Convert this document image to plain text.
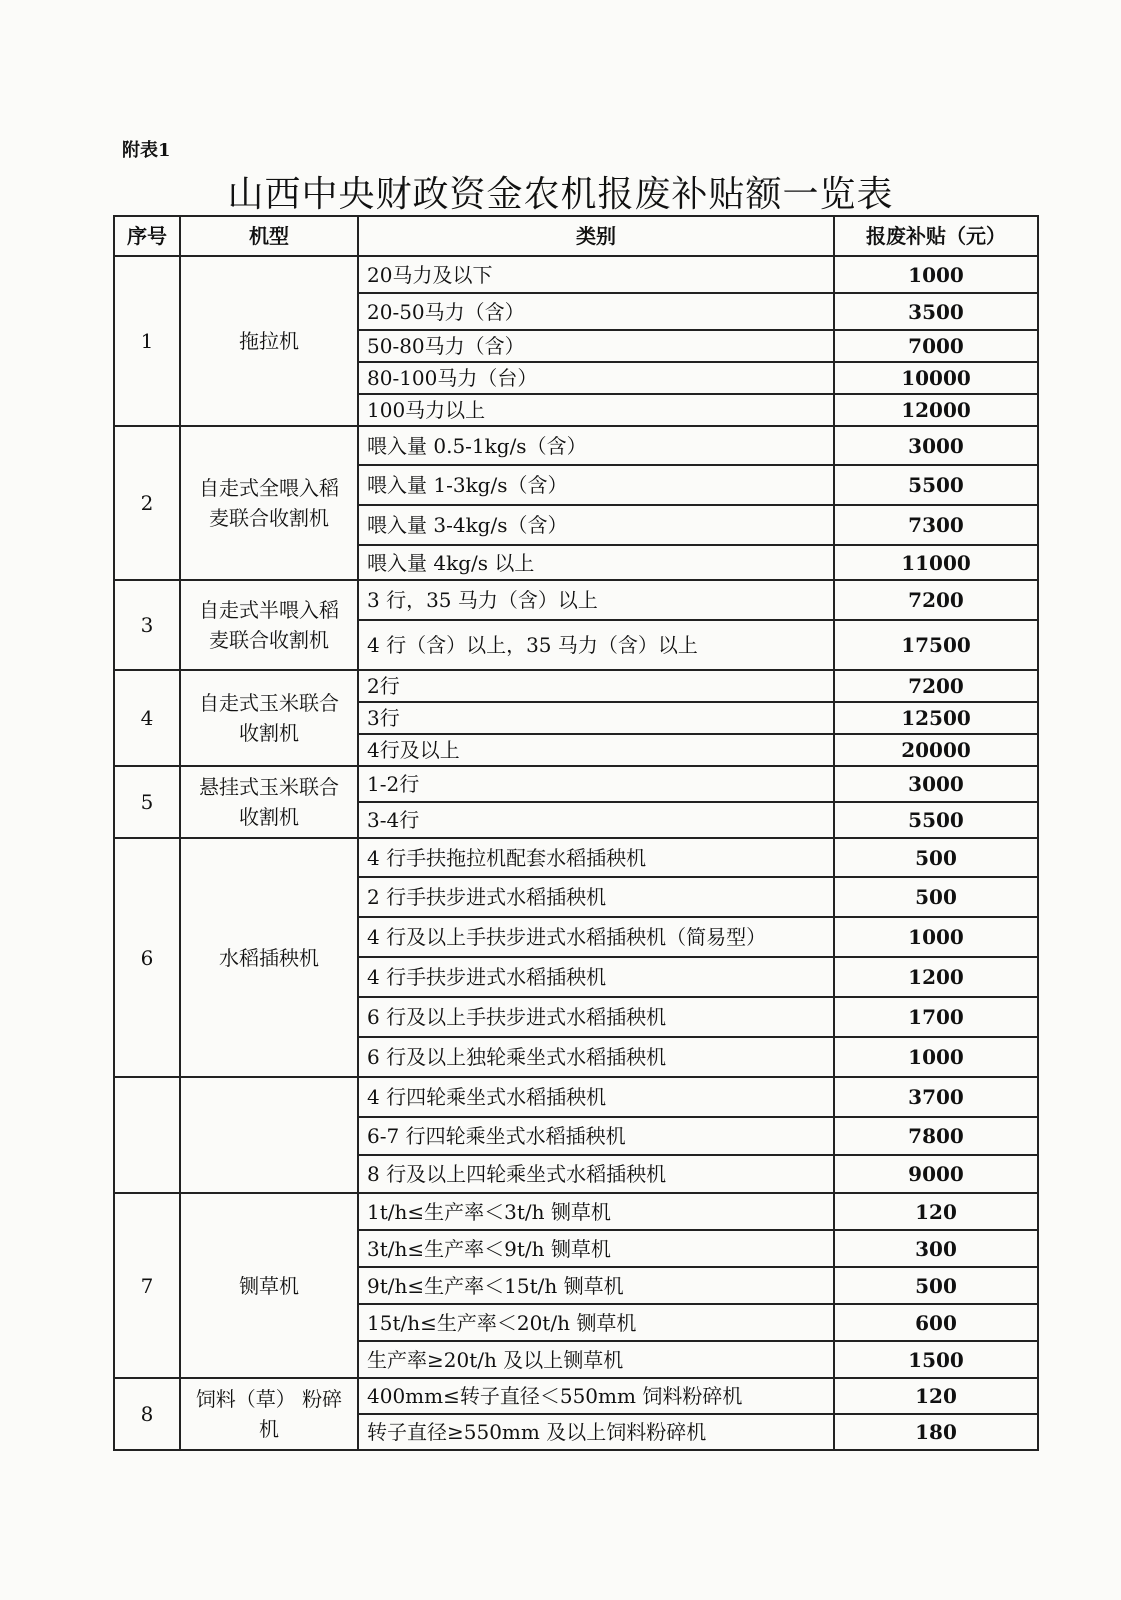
附表1
山西中央财政资金农机报废补贴额一览表
序号	机型	类别	报废补贴（元）
1	拖拉机	20马力及以下	1000
		20-50马力（含）	3500
		50-80马力（含）	7000
		80-100马力（台）	10000
		100马力以上	12000
2	自走式全喂入稻 麦联合收割机	喂入量 0.5-1kg/s（含）	3000
		喂入量 1-3kg/s（含）	5500
		喂入量 3-4kg/s（含）	7300
		喂入量 4kg/s 以上	11000
3	自走式半喂入稻麦联合收割机	3 行，35 马力（含）以上	7200
		4 行（含）以上，35 马力（含）以上	17500
4	自走式玉米联合 收割机	2行	7200
		3行	12500
		4行及以上	20000
5	悬挂式玉米联合 收割机	1-2行	3000
		3-4行	5500
6	水稻插秧机	4 行手扶拖拉机配套水稻插秧机	500
		2 行手扶步进式水稻插秧机	500
		4 行及以上手扶步进式水稻插秧机（简易型）	1000
		4 行手扶步进式水稻插秧机	1200
		6 行及以上手扶步进式水稻插秧机	1700
		6 行及以上独轮乘坐式水稻插秧机	1000
		4 行四轮乘坐式水稻插秧机	3700
		6-7 行四轮乘坐式水稻插秧机	7800
		8 行及以上四轮乘坐式水稻插秧机	9000
7	铡草机	1t/h≤生产率＜3t/h 铡草机	120
		3t/h≤生产率＜9t/h 铡草机	300
		9t/h≤生产率＜15t/h 铡草机	500
		15t/h≤生产率＜20t/h 铡草机	600
		生产率≥20t/h 及以上铡草机	1500
8	饲料（草） 粉碎机	400mm≤转子直径＜550mm 饲料粉碎机	120
		转子直径≥550mm 及以上饲料粉碎机	180
